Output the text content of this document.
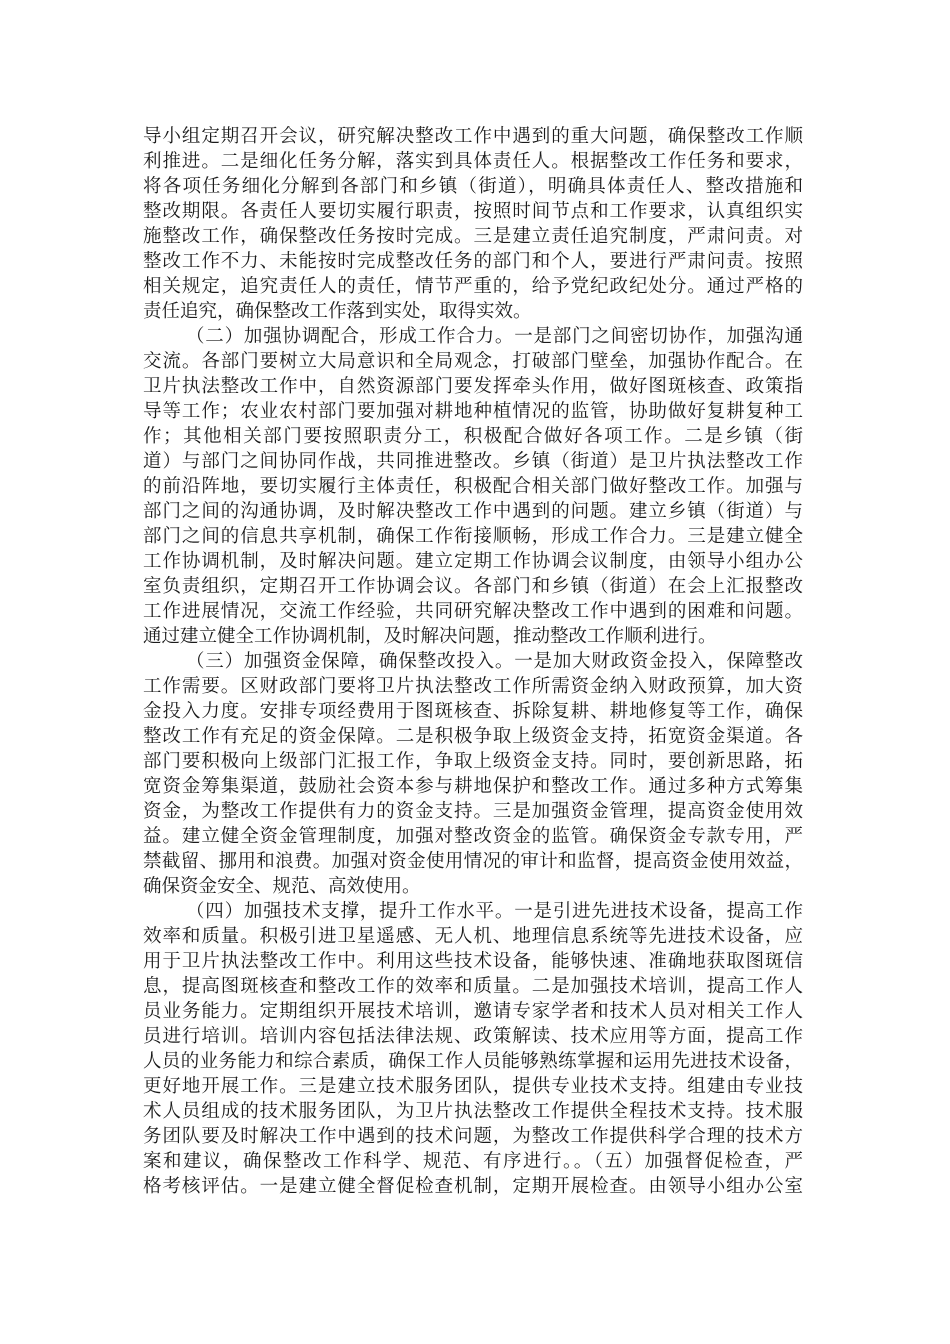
导小组定期召开会议，研究解决整改工作中遇到的重大问题，确保整改工作顺
利推进。二是细化任务分解，落实到具体责任人。根据整改工作任务和要求，
将各项任务细化分解到各部门和乡镇（街道），明确具体责任人、整改措施和
整改期限。各责任人要切实履行职责，按照时间节点和工作要求，认真组织实
施整改工作，确保整改任务按时完成。三是建立责任追究制度，严肃问责。对
整改工作不力、未能按时完成整改任务的部门和个人，要进行严肃问责。按照
相关规定，追究责任人的责任，情节严重的，给予党纪政纪处分。通过严格的
责任追究，确保整改工作落到实处，取得实效。
（二）加强协调配合，形成工作合力。一是部门之间密切协作，加强沟通
交流。各部门要树立大局意识和全局观念，打破部门壁垒，加强协作配合。在
卫片执法整改工作中，自然资源部门要发挥牵头作用，做好图斑核查、政策指
导等工作；农业农村部门要加强对耕地种植情况的监管，协助做好复耕复种工
作；其他相关部门要按照职责分工，积极配合做好各项工作。二是乡镇（街
道）与部门之间协同作战，共同推进整改。乡镇（街道）是卫片执法整改工作
的前沿阵地，要切实履行主体责任，积极配合相关部门做好整改工作。加强与
部门之间的沟通协调，及时解决整改工作中遇到的问题。建立乡镇（街道）与
部门之间的信息共享机制，确保工作衔接顺畅，形成工作合力。三是建立健全
工作协调机制，及时解决问题。建立定期工作协调会议制度，由领导小组办公
室负责组织，定期召开工作协调会议。各部门和乡镇（街道）在会上汇报整改
工作进展情况，交流工作经验，共同研究解决整改工作中遇到的困难和问题。
通过建立健全工作协调机制，及时解决问题，推动整改工作顺利进行。
（三）加强资金保障，确保整改投入。一是加大财政资金投入，保障整改
工作需要。区财政部门要将卫片执法整改工作所需资金纳入财政预算，加大资
金投入力度。安排专项经费用于图斑核查、拆除复耕、耕地修复等工作，确保
整改工作有充足的资金保障。二是积极争取上级资金支持，拓宽资金渠道。各
部门要积极向上级部门汇报工作，争取上级资金支持。同时，要创新思路，拓
宽资金筹集渠道，鼓励社会资本参与耕地保护和整改工作。通过多种方式筹集
资金，为整改工作提供有力的资金支持。三是加强资金管理，提高资金使用效
益。建立健全资金管理制度，加强对整改资金的监管。确保资金专款专用，严
禁截留、挪用和浪费。加强对资金使用情况的审计和监督，提高资金使用效益，
确保资金安全、规范、高效使用。
（四）加强技术支撑，提升工作水平。一是引进先进技术设备，提高工作
效率和质量。积极引进卫星遥感、无人机、地理信息系统等先进技术设备，应
用于卫片执法整改工作中。利用这些技术设备，能够快速、准确地获取图斑信
息，提高图斑核查和整改工作的效率和质量。二是加强技术培训，提高工作人
员业务能力。定期组织开展技术培训，邀请专家学者和技术人员对相关工作人
员进行培训。培训内容包括法律法规、政策解读、技术应用等方面，提高工作
人员的业务能力和综合素质，确保工作人员能够熟练掌握和运用先进技术设备，
更好地开展工作。三是建立技术服务团队，提供专业技术支持。组建由专业技
术人员组成的技术服务团队，为卫片执法整改工作提供全程技术支持。技术服
务团队要及时解决工作中遇到的技术问题，为整改工作提供科学合理的技术方
案和建议，确保整改工作科学、规范、有序进行。。（五）加强督促检查，严
格考核评估。一是建立健全督促检查机制，定期开展检查。由领导小组办公室
